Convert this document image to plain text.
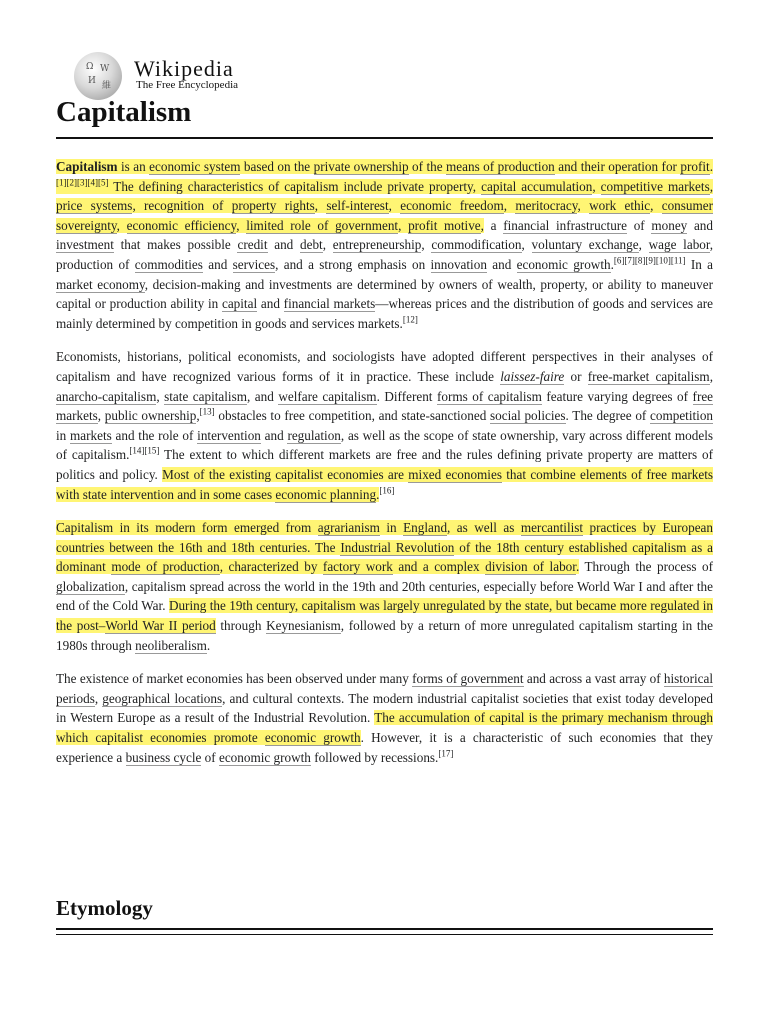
Ω W
И 維
Wikipedia
The Free Encyclopedia
Capitalism

Capitalism is an economic system based on the private ownership of the means of production and their operation for profit.[1][2][3][4][5] The defining characteristics of capitalism include private property, capital accumulation, competitive markets, price systems, recognition of property rights, self-interest, economic freedom, meritocracy, work ethic, consumer sovereignty, economic efficiency, limited role of government, profit motive, a financial infrastructure of money and investment that makes possible credit and debt, entrepreneurship, commodification, voluntary exchange, wage labor, production of commodities and services, and a strong emphasis on innovation and economic growth.[6][7][8][9][10][11] In a market economy, decision-making and investments are determined by owners of wealth, property, or ability to maneuver capital or production ability in capital and financial markets—whereas prices and the distribution of goods and services are mainly determined by competition in goods and services markets.[12]

Economists, historians, political economists, and sociologists have adopted different perspectives in their analyses of capitalism and have recognized various forms of it in practice. These include laissez-faire or free-market capitalism, anarcho-capitalism, state capitalism, and welfare capitalism. Different forms of capitalism feature varying degrees of free markets, public ownership,[13] obstacles to free competition, and state-sanctioned social policies. The degree of competition in markets and the role of intervention and regulation, as well as the scope of state ownership, vary across different models of capitalism.[14][15] The extent to which different markets are free and the rules defining private property are matters of politics and policy. Most of the existing capitalist economies are mixed economies that combine elements of free markets with state intervention and in some cases economic planning.[16]

Capitalism in its modern form emerged from agrarianism in England, as well as mercantilist practices by European countries between the 16th and 18th centuries. The Industrial Revolution of the 18th century established capitalism as a dominant mode of production, characterized by factory work and a complex division of labor. Through the process of globalization, capitalism spread across the world in the 19th and 20th centuries, especially before World War I and after the end of the Cold War. During the 19th century, capitalism was largely unregulated by the state, but became more regulated in the post–World War II period through Keynesianism, followed by a return of more unregulated capitalism starting in the 1980s through neoliberalism.

The existence of market economies has been observed under many forms of government and across a vast array of historical periods, geographical locations, and cultural contexts. The modern industrial capitalist societies that exist today developed in Western Europe as a result of the Industrial Revolution. The accumulation of capital is the primary mechanism through which capitalist economies promote economic growth. However, it is a characteristic of such economies that they experience a business cycle of economic growth followed by recessions.[17]

Etymology
